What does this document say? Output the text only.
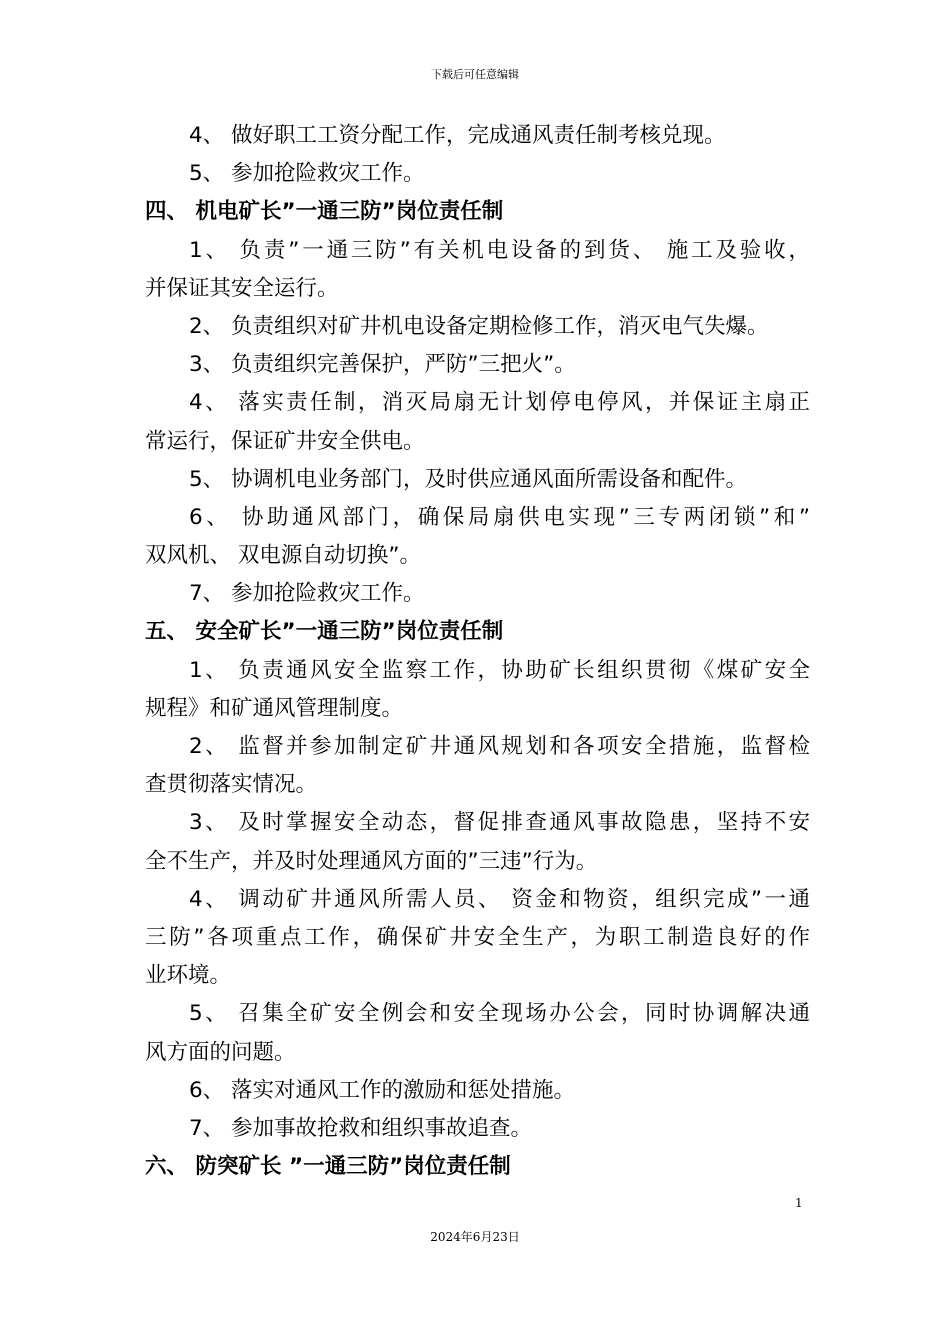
下载后可任意编辑
4、 做好职工工资分配工作，完成通风责任制考核兑现。
5、 参加抢险救灾工作。
四、 机电矿长”一通三防”岗位责任制
1、 负责”一通三防”有关机电设备的到货、 施工及验收，
并保证其安全运行。
2、 负责组织对矿井机电设备定期检修工作，消灭电气失爆。
3、 负责组织完善保护，严防”三把火”。
4、 落实责任制，消灭局扇无计划停电停风，并保证主扇正
常运行，保证矿井安全供电。
5、 协调机电业务部门，及时供应通风面所需设备和配件。
6、 协助通风部门，确保局扇供电实现”三专两闭锁”和”
双风机、 双电源自动切换”。
7、 参加抢险救灾工作。
五、 安全矿长”一通三防”岗位责任制
1、 负责通风安全监察工作，协助矿长组织贯彻《煤矿安全
规程》和矿通风管理制度。
2、 监督并参加制定矿井通风规划和各项安全措施，监督检
查贯彻落实情况。
3、 及时掌握安全动态，督促排查通风事故隐患，坚持不安
全不生产，并及时处理通风方面的”三违”行为。
4、 调动矿井通风所需人员、 资金和物资，组织完成”一通
三防”各项重点工作，确保矿井安全生产，为职工制造良好的作
业环境。
5、 召集全矿安全例会和安全现场办公会，同时协调解决通
风方面的问题。
6、 落实对通风工作的激励和惩处措施。
7、 参加事故抢救和组织事故追查。
六、 防突矿长 ”一通三防”岗位责任制
1
2024年6月23日
